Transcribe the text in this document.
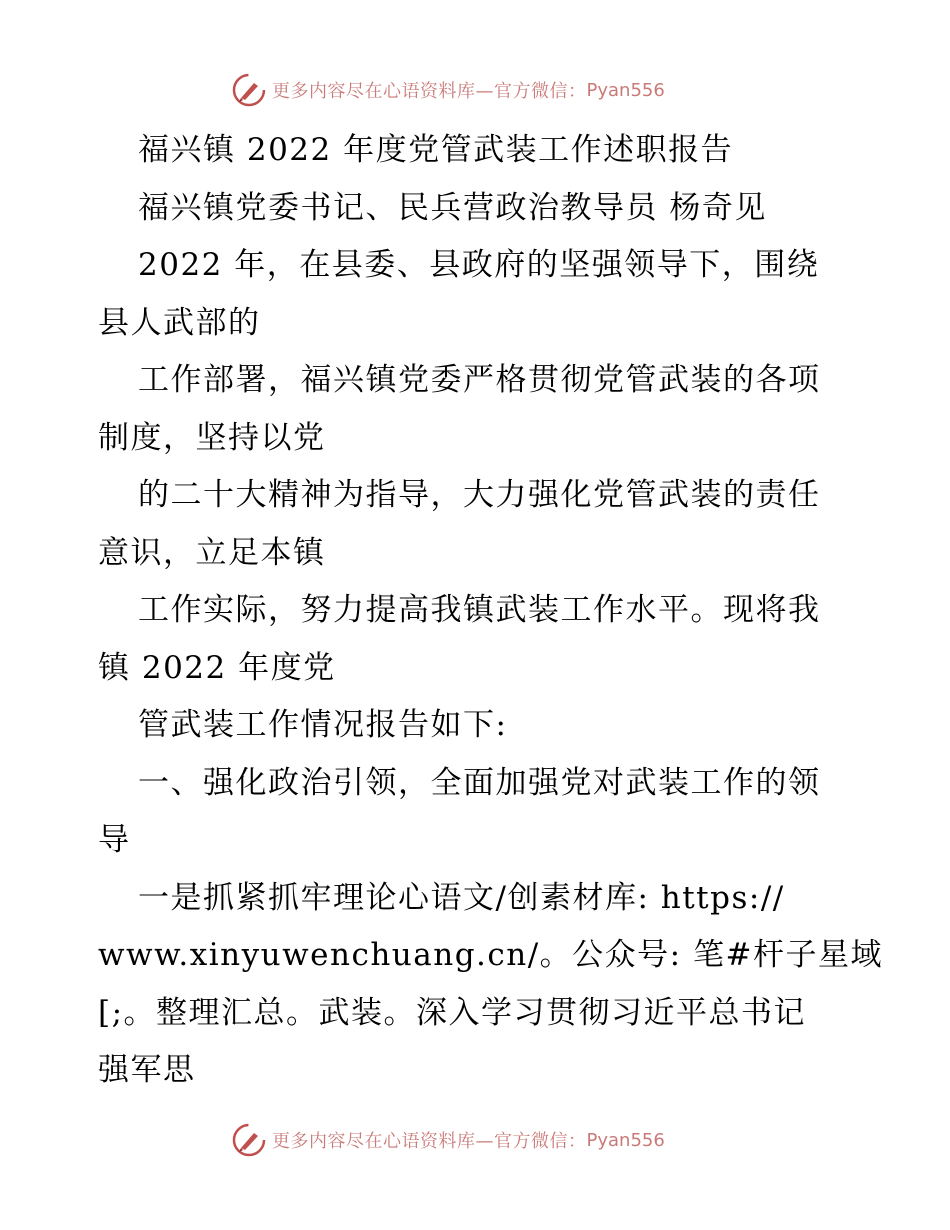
更多内容尽在心语资料库—官方微信： Pyan556
福兴镇 2022 年度党管武装工作述职报告
福兴镇党委书记、民兵营政治教导员 杨奇见
2022 年，在县委、县政府的坚强领导下，围绕
县人武部的
工作部署，福兴镇党委严格贯彻党管武装的各项
制度，坚持以党
的二十大精神为指导，大力强化党管武装的责任
意识，立足本镇
工作实际，努力提高我镇武装工作水平。现将我
镇 2022 年度党
管武装工作情况报告如下:
一、强化政治引领，全面加强党对武装工作的领
导
一是抓紧抓牢理论心语文/创素材库: https://
www.xinyuwenchuang.cn/。公众号: 笔#杆子星域
[;。整理汇总。武装。深入学习贯彻习近平总书记
强军思
更多内容尽在心语资料库—官方微信： Pyan556
